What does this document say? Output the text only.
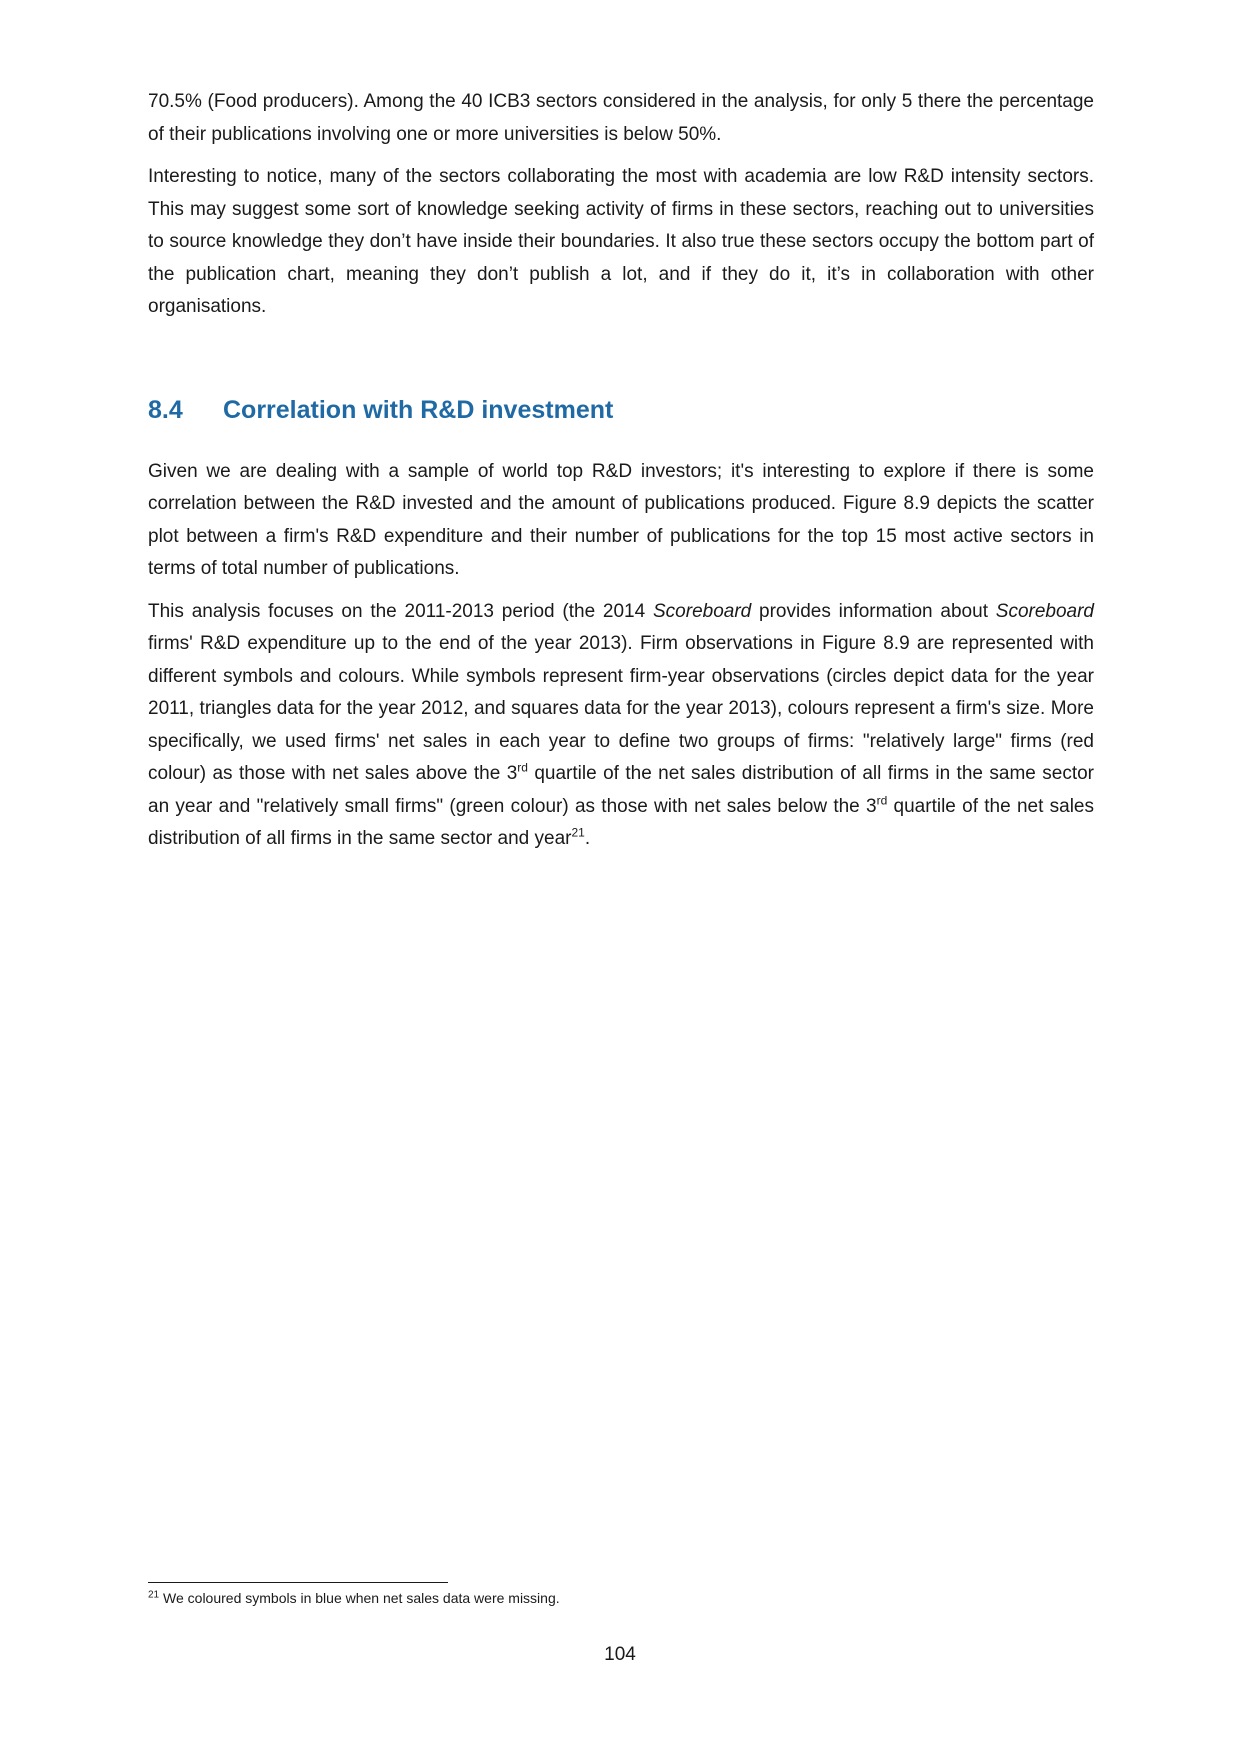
70.5% (Food producers). Among the 40 ICB3 sectors considered in the analysis, for only 5 there the percentage of their publications involving one or more universities is below 50%.

Interesting to notice, many of the sectors collaborating the most with academia are low R&D intensity sectors. This may suggest some sort of knowledge seeking activity of firms in these sectors, reaching out to universities to source knowledge they don’t have inside their boundaries. It also true these sectors occupy the bottom part of the publication chart, meaning they don’t publish a lot, and if they do it, it’s in collaboration with other organisations.

8.4	Correlation with R&D investment

Given we are dealing with a sample of world top R&D investors; it's interesting to explore if there is some correlation between the R&D invested and the amount of publications produced. Figure 8.9 depicts the scatter plot between a firm's R&D expenditure and their number of publications for the top 15 most active sectors in terms of total number of publications.

This analysis focuses on the 2011-2013 period (the 2014 Scoreboard provides information about Scoreboard firms' R&D expenditure up to the end of the year 2013). Firm observations in Figure 8.9 are represented with different symbols and colours. While symbols represent firm-year observations (circles depict data for the year 2011, triangles data for the year 2012, and squares data for the year 2013), colours represent a firm's size. More specifically, we used firms' net sales in each year to define two groups of firms: "relatively large" firms (red colour) as those with net sales above the 3rd quartile of the net sales distribution of all firms in the same sector an year and "relatively small firms" (green colour) as those with net sales below the 3rd quartile of the net sales distribution of all firms in the same sector and year$^{21}$.

$^{21}$ We coloured symbols in blue when net sales data were missing.
104
